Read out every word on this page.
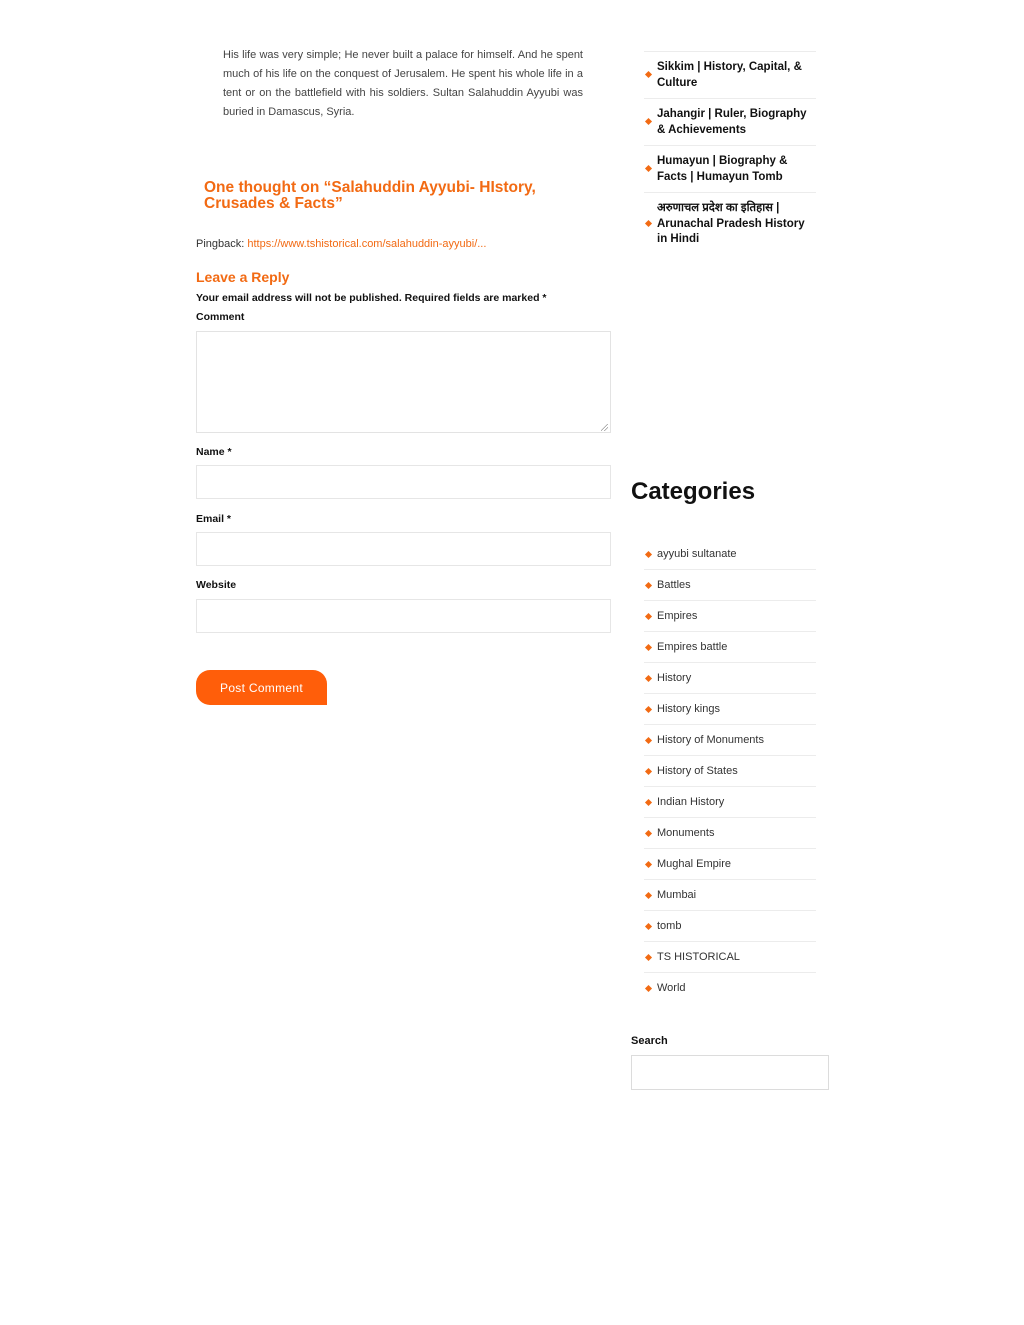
His life was very simple; He never built a palace for himself. And he spent much of his life on the conquest of Jerusalem. He spent his whole life in a tent or on the battlefield with his soldiers. Sultan Salahuddin Ayyubi was buried in Damascus, Syria.

One thought on “Salahuddin Ayyubi- HIstory, Crusades & Facts”
Pingback: https://www.tshistorical.com/salahuddin-ayyubi/...
Leave a Reply
Your email address will not be published. Required fields are marked *
Comment
Name *
Email *
Website
Post Comment
Sikkim | History, Capital, & Culture
Jahangir | Ruler, Biography & Achievements
Humayun | Biography & Facts | Humayun Tomb
अरुणाचल प्रदेश का इतिहास | Arunachal Pradesh History in Hindi
Categories
ayyubi sultanate
Battles
Empires
Empires battle
History
History kings
History of Monuments
History of States
Indian History
Monuments
Mughal Empire
Mumbai
tomb
TS HISTORICAL
World
Search
